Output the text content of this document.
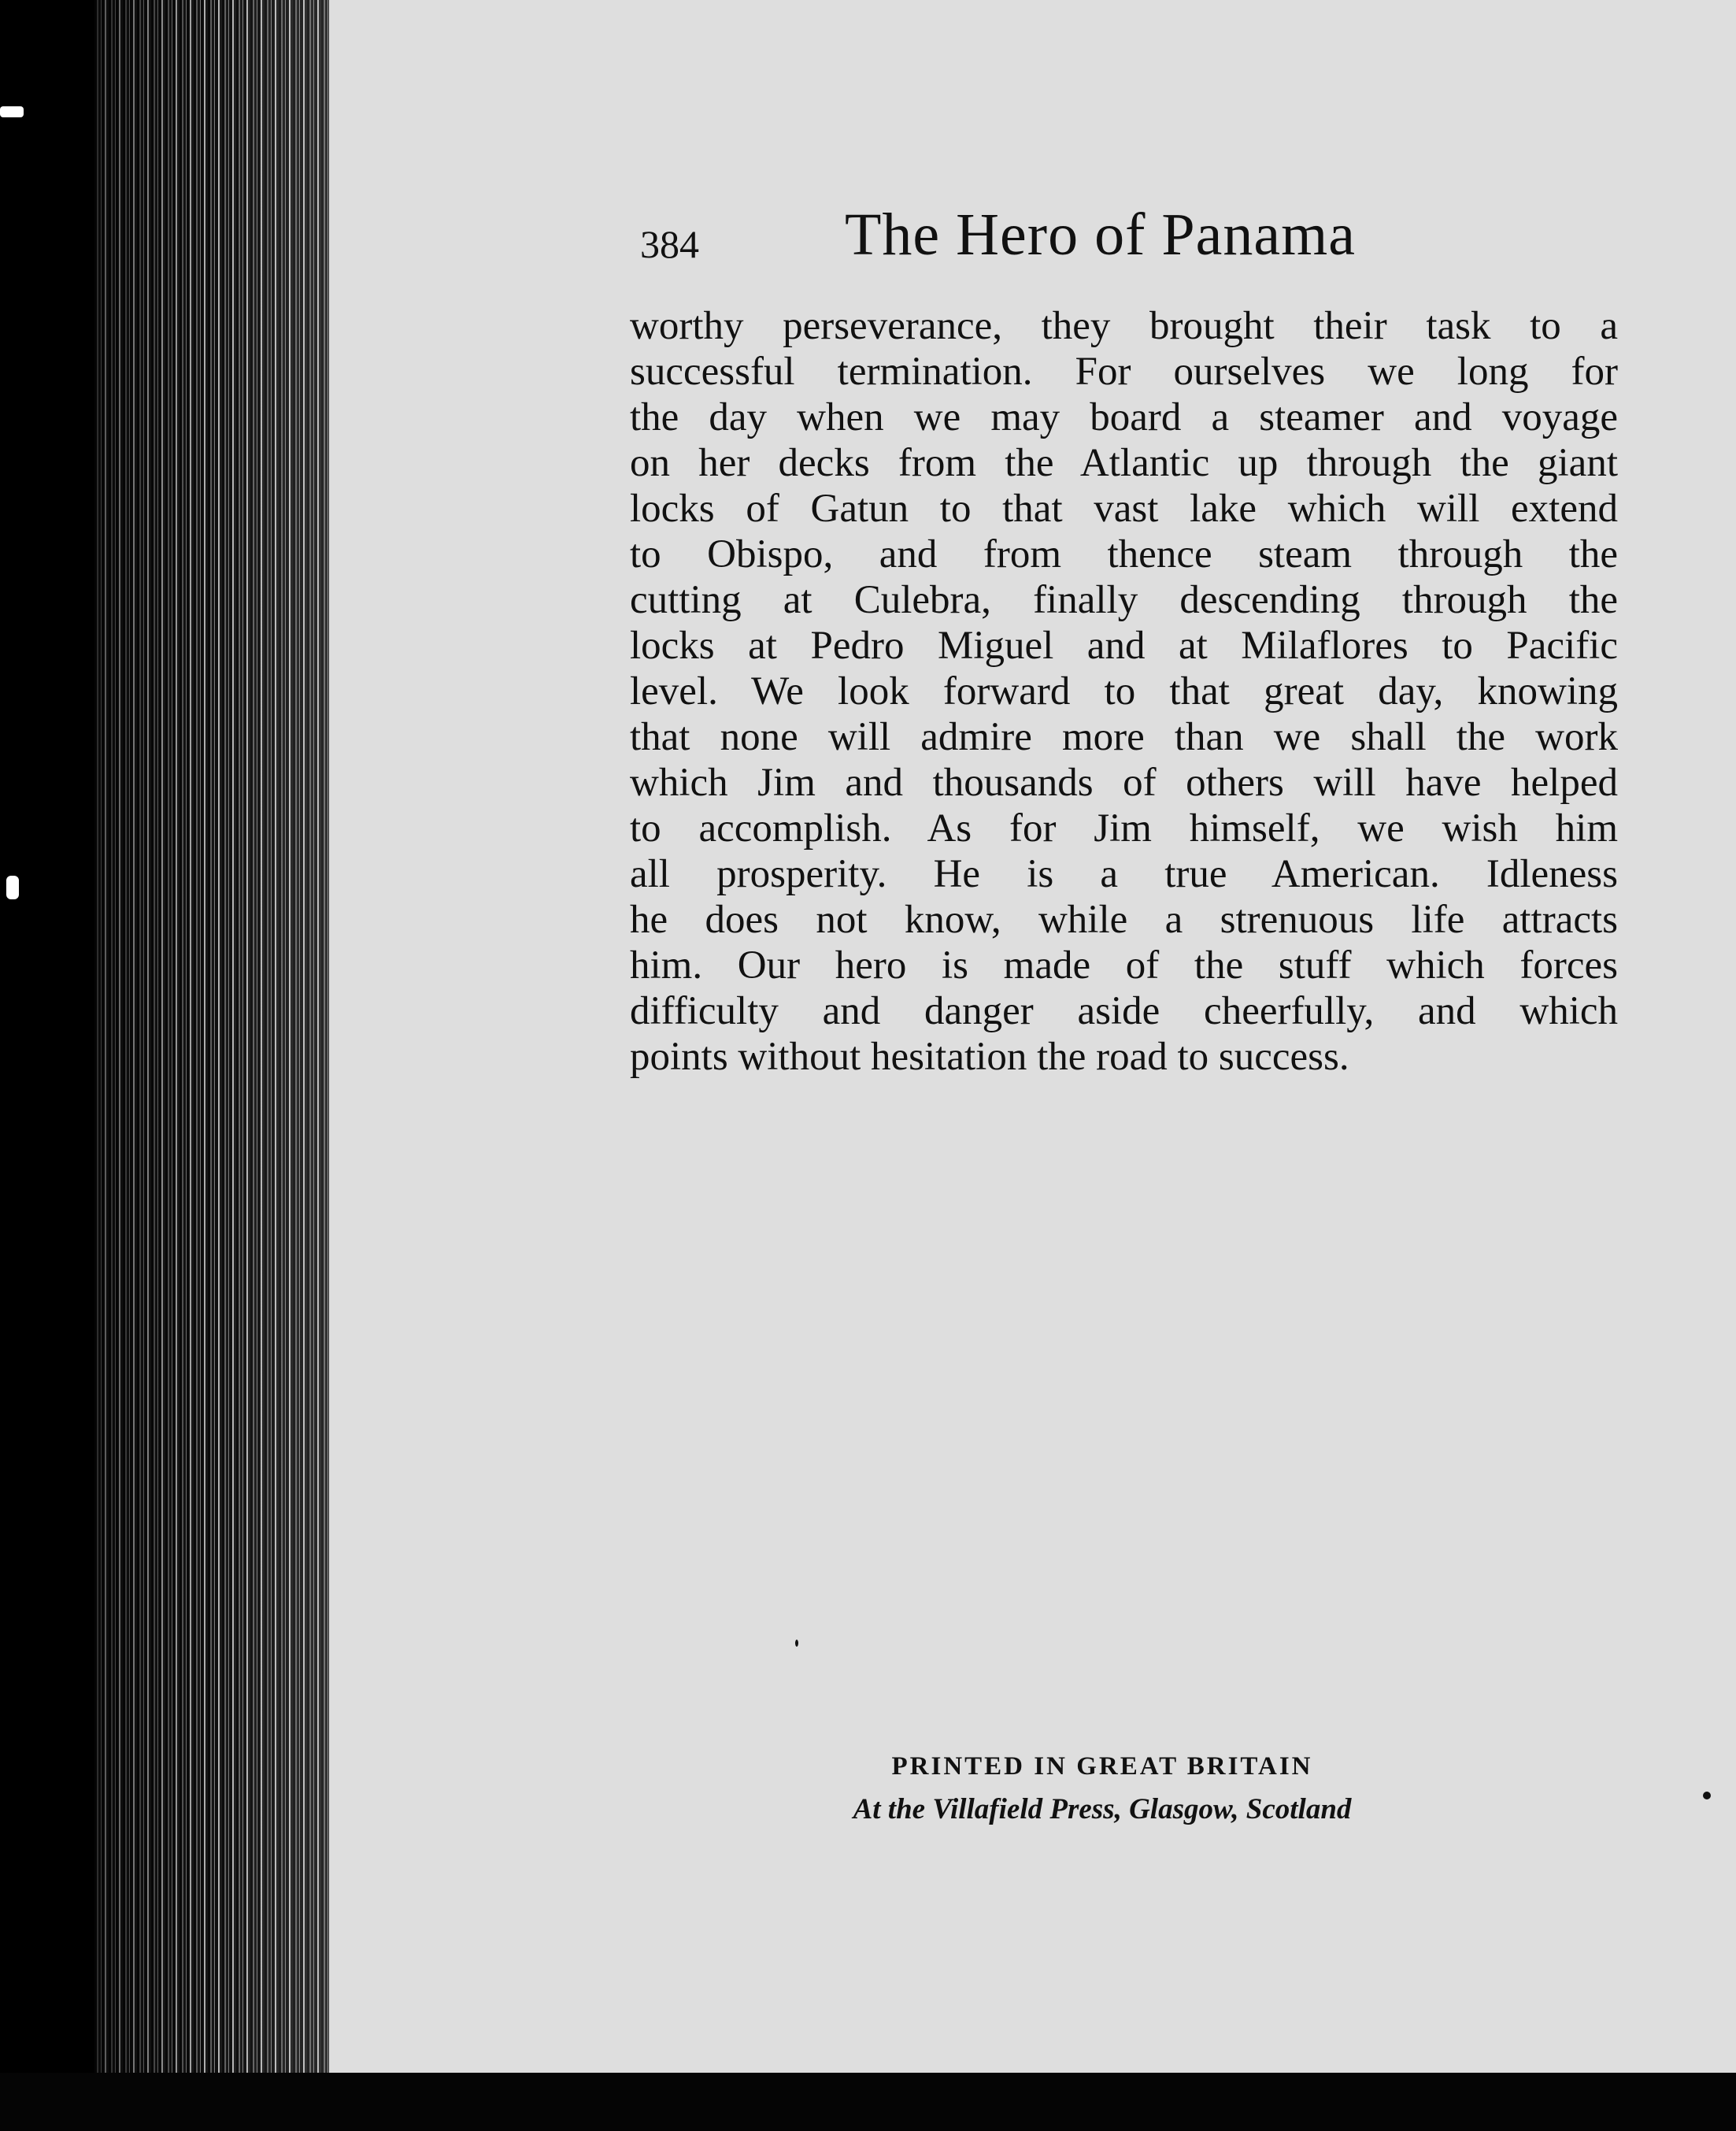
384 The Hero of Panama
worthy perseverance, they brought their task to a
successful termination. For ourselves we long for
the day when we may board a steamer and voyage
on her decks from the Atlantic up through the giant
locks of Gatun to that vast lake which will extend
to Obispo, and from thence steam through the
cutting at Culebra, finally descending through the
locks at Pedro Miguel and at Milaflores to Pacific
level. We look forward to that great day, knowing
that none will admire more than we shall the work
which Jim and thousands of others will have helped
to accomplish. As for Jim himself, we wish him
all prosperity. He is a true American. Idleness
he does not know, while a strenuous life attracts
him. Our hero is made of the stuff which forces
difficulty and danger aside cheerfully, and which
points without hesitation the road to success.
PRINTED IN GREAT BRITAIN
At the Villafield Press, Glasgow, Scotland
